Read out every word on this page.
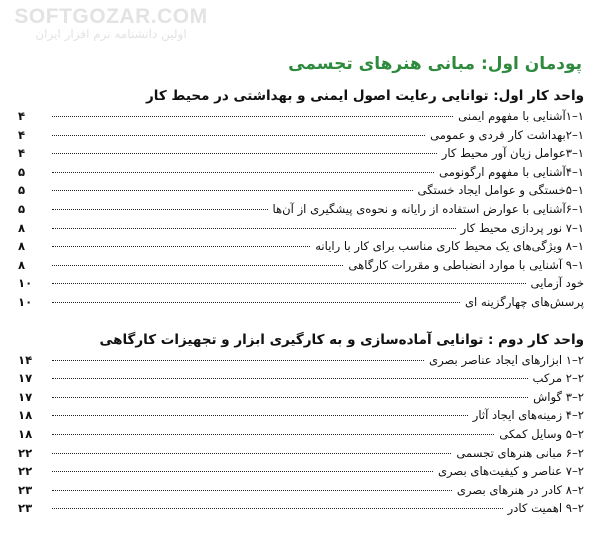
SOFTGOZAR.COM
اولین دانشنامه نرم افزار ایران
پودمان اول: مبانی هنرهای تجسمی
واحد کار اول: توانایی رعایت اصول ایمنی و بهداشتی در محیط کار
۱–۱آشنایی با مفهوم ایمنی
۴
۱–۲بهداشت کار فردی و عمومی
۴
۱–۳عوامل زیان آور محیط کار
۴
۱–۴آشنایی با مفهوم ارگونومی
۵
۱–۵خستگی و عوامل ایجاد خستگی
۵
۱–۶آشنایی با عوارض استفاده از رایانه و نحوه‌ی پیشگیری از آن‌ها
۵
۱–۷ نور پردازی محیط کار
۸
۱–۸ ویژگی‌های یک محیط کاری مناسب برای کار با رایانه
۸
۱–۹ آشنایی با موارد انضباطی و مقررات کارگاهی
۸
خود آزمایی
۱۰
پرسش‌های چهارگزینه ای
۱۰
واحد کار دوم : توانایی آماده‌سازی و به کارگیری ابزار و تجهیزات کارگاهی
۲–۱ ابزارهای ایجاد عناصر بصری
۱۴
۲–۲ مرکب
۱۷
۲–۳ گواش
۱۷
۲–۴ زمینه‌های ایجاد آثار
۱۸
۲–۵ وسایل کمکی
۱۸
۲–۶ مبانی هنرهای تجسمی
۲۲
۲–۷ عناصر و کیفیت‌های بصری
۲۲
۲–۸ کادر در هنرهای بصری
۲۳
۲–۹ اهمیت کادر
۲۳
